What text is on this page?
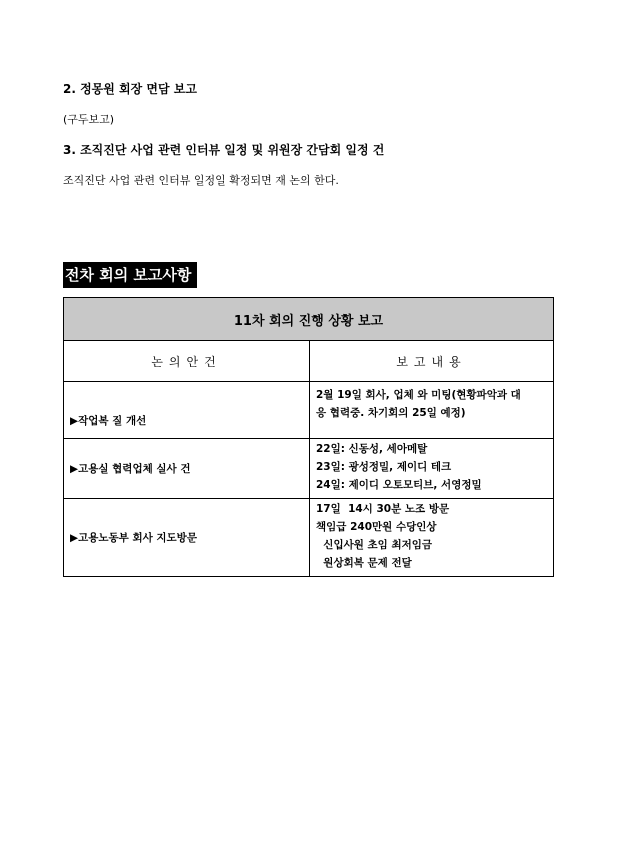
2. 정몽원 회장 면담 보고
(구두보고)
3. 조직진단 사업 관련 인터뷰 일정 및 위원장 간담회 일정 건
조직진단 사업 관련 인터뷰 일정일 확정되면 재 논의 한다.
전차 회의 보고사항
11차 회의 진행 상황 보고	
논의안건	보고내용
▶작업복 질 개선	2월 19일 회사, 업체 와 미팅(현황파악과 대
응 협력중. 차기회의 25일 예정)

▶고용실 협력업체 실사 건	22일: 신동성, 세아메탈
23일: 광성정밀, 제이디 테크
24일: 제이디 오토모티브, 서영정밀

▶고용노동부 회사 지도방문	17일  14시 30분 노조 방문
책임급 240만원 수당인상
신입사원 초임 최저임금
원상회복 문제 전달
